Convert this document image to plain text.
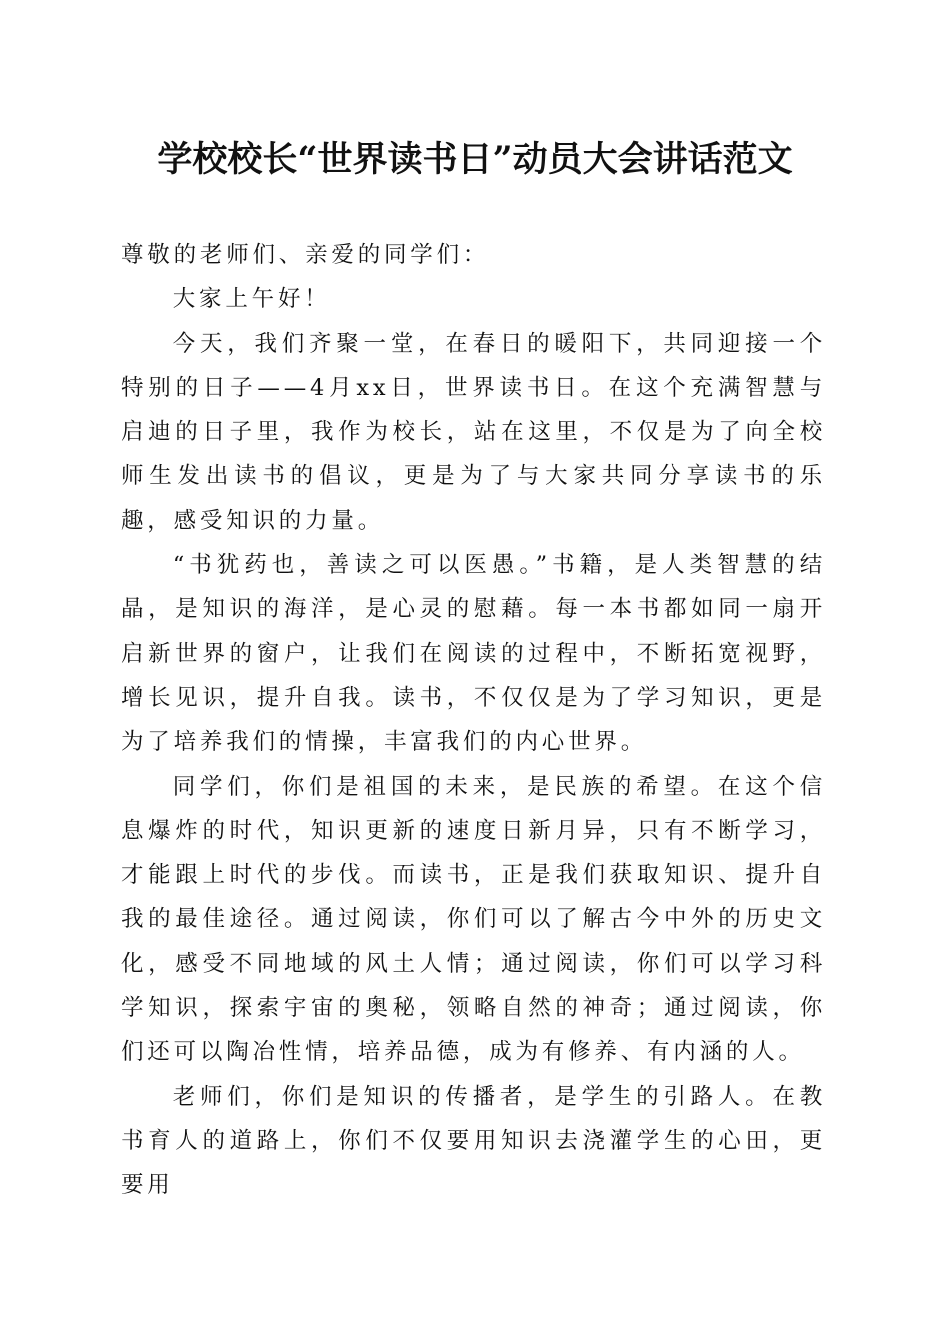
学校校长“世界读书日”动员大会讲话范文

尊敬的老师们、亲爱的同学们：

大家上午好！

今天，我们齐聚一堂，在春日的暖阳下，共同迎接一个特别的日子——4月xx日，世界读书日。在这个充满智慧与启迪的日子里，我作为校长，站在这里，不仅是为了向全校师生发出读书的倡议，更是为了与大家共同分享读书的乐趣，感受知识的力量。

“书犹药也，善读之可以医愚。”书籍，是人类智慧的结晶，是知识的海洋，是心灵的慰藉。每一本书都如同一扇开启新世界的窗户，让我们在阅读的过程中，不断拓宽视野，增长见识，提升自我。读书，不仅仅是为了学习知识，更是为了培养我们的情操，丰富我们的内心世界。

同学们，你们是祖国的未来，是民族的希望。在这个信息爆炸的时代，知识更新的速度日新月异，只有不断学习，才能跟上时代的步伐。而读书，正是我们获取知识、提升自我的最佳途径。通过阅读，你们可以了解古今中外的历史文化，感受不同地域的风土人情；通过阅读，你们可以学习科学知识，探索宇宙的奥秘，领略自然的神奇；通过阅读，你们还可以陶冶性情，培养品德，成为有修养、有内涵的人。

老师们，你们是知识的传播者，是学生的引路人。在教书育人的道路上，你们不仅要用知识去浇灌学生的心田，更要用
